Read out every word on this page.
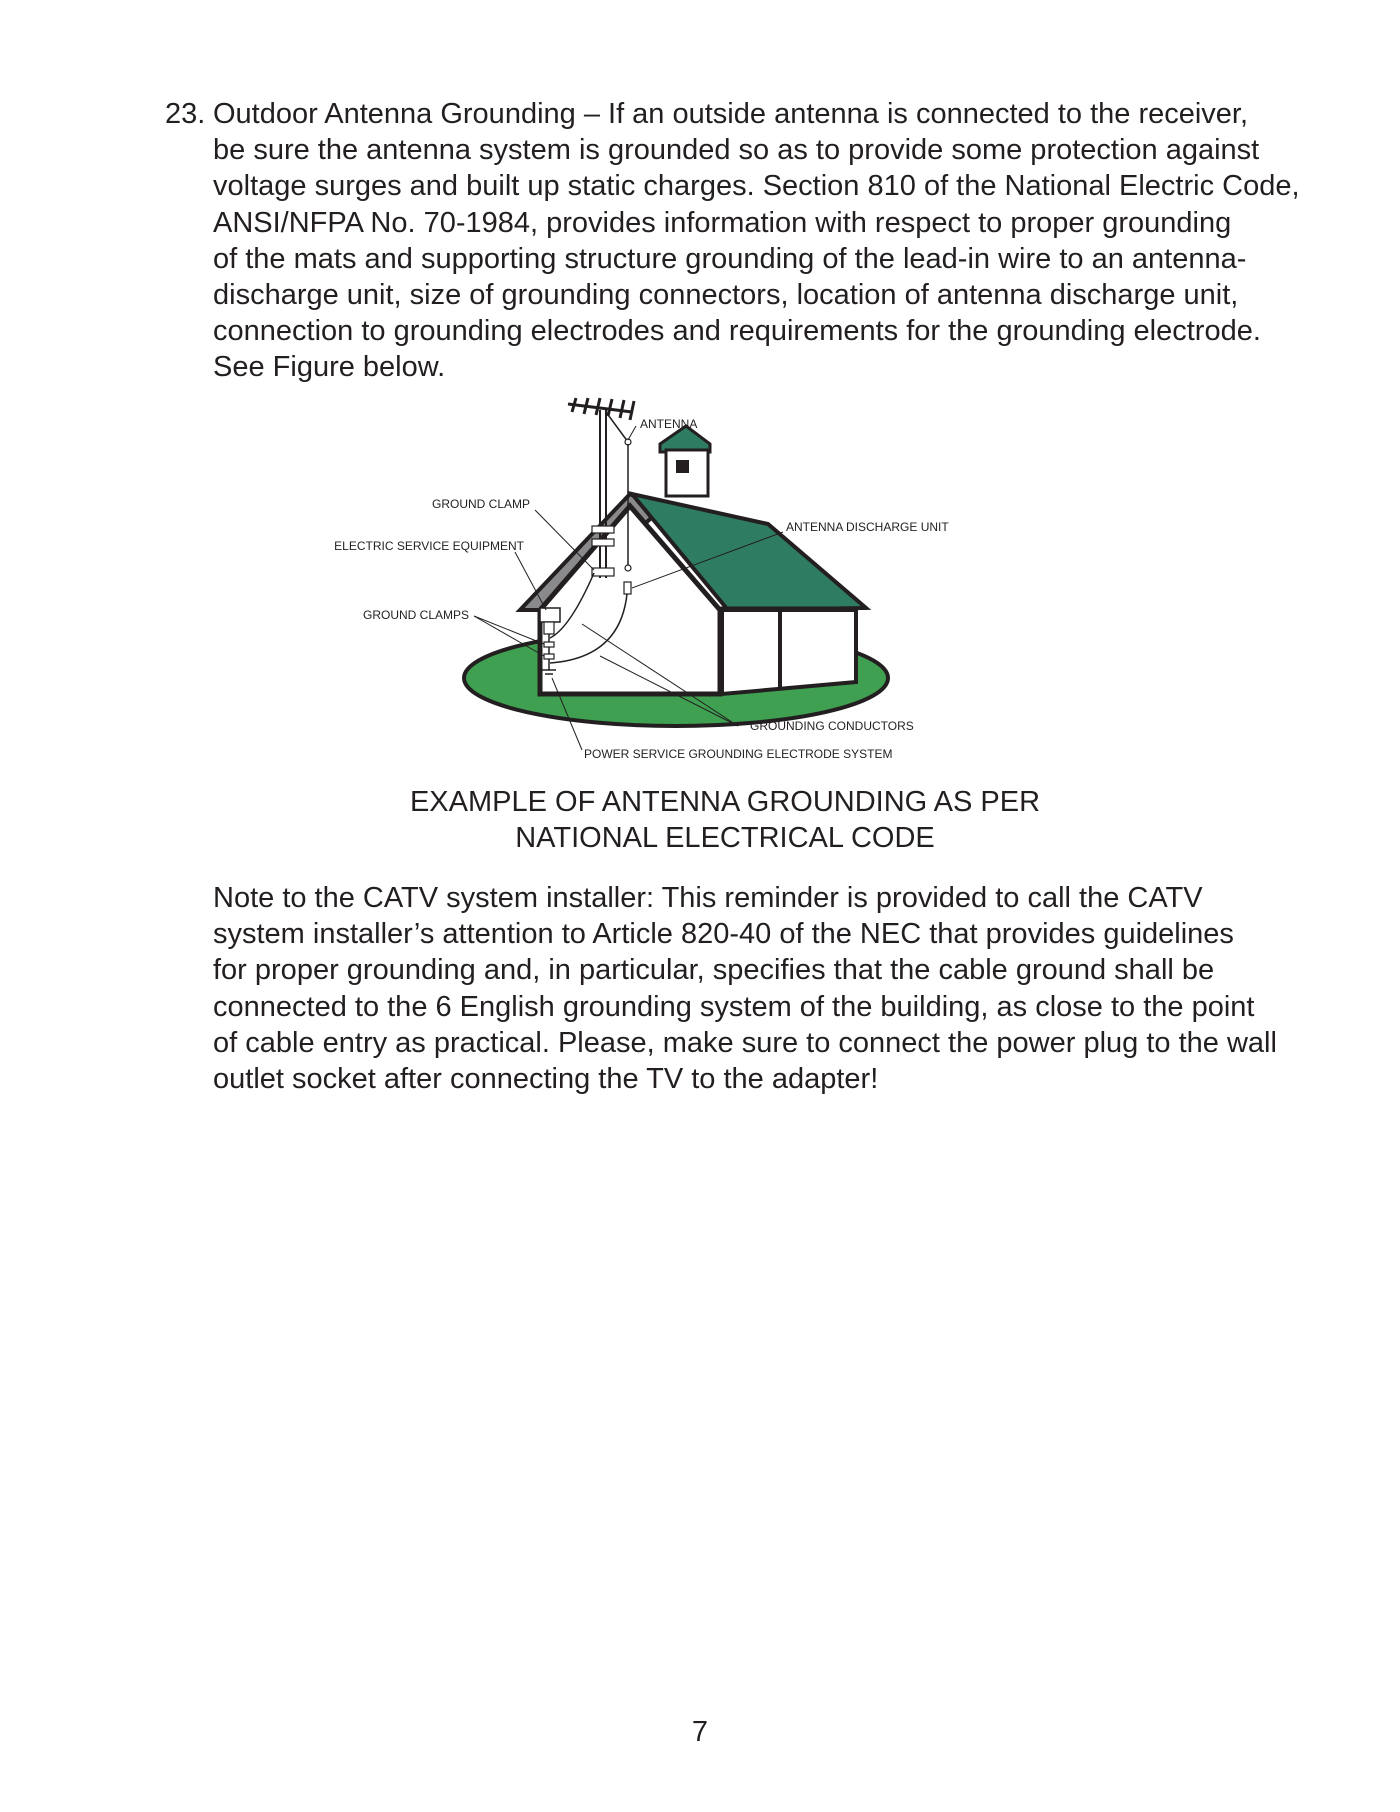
23. Outdoor Antenna Grounding – If an outside antenna is connected to the receiver,
be sure the antenna system is grounded so as to provide some protection against
voltage surges and built up static charges. Section 810 of the National Electric Code,
ANSI/NFPA No. 70-1984, provides information with respect to proper grounding
of the mats and supporting structure grounding of the lead-in wire to an antenna-
discharge unit, size of grounding connectors, location of antenna discharge unit,
connection to grounding electrodes and requirements for the grounding electrode.
See Figure below.
ANTENNA
GROUND CLAMP
ANTENNA DISCHARGE UNIT
ELECTRIC SERVICE EQUIPMENT
GROUND CLAMPS
GROUNDING CONDUCTORS
POWER SERVICE GROUNDING ELECTRODE SYSTEM
EXAMPLE OF ANTENNA GROUNDING AS PER
NATIONAL ELECTRICAL CODE
Note to the CATV system installer: This reminder is provided to call the CATV
system installer’s attention to Article 820-40 of the NEC that provides guidelines
for proper grounding and, in particular, specifies that the cable ground shall be
connected to the 6 English grounding system of the building, as close to the point
of cable entry as practical. Please, make sure to connect the power plug to the wall
outlet socket after connecting the TV to the adapter!
7
